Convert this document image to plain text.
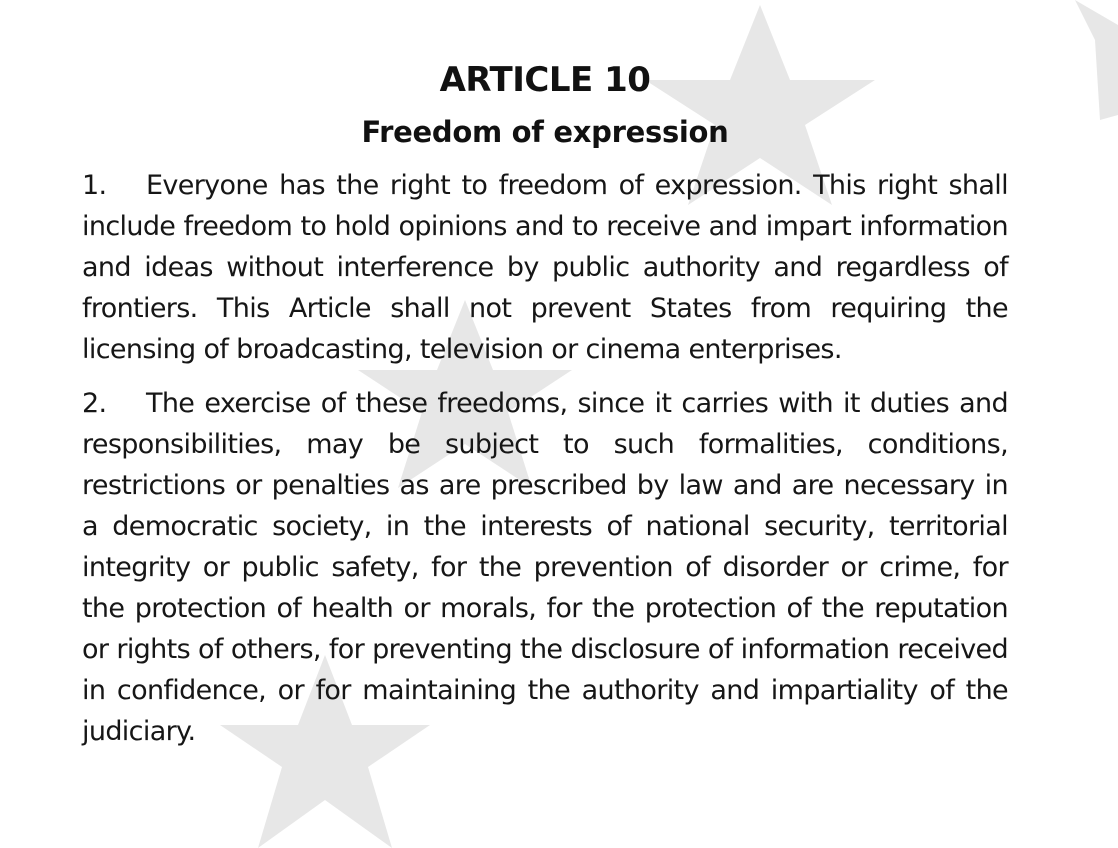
ARTICLE 10
Freedom of expression

1. Everyone has the right to freedom of expression. This right shall include freedom to hold opinions and to receive and impart information and ideas without interference by public authority and regardless of frontiers. This Article shall not prevent States from requiring the licensing of broadcasting, television or cinema enterprises.

2. The exercise of these freedoms, since it carries with it duties and responsibilities, may be subject to such formalities, conditions, restrictions or penalties as are prescribed by law and are necessary in a democratic society, in the interests of national security, territorial integrity or public safety, for the prevention of disorder or crime, for the protection of health or morals, for the protection of the reputation or rights of others, for preventing the disclosure of information received in confidence, or for maintaining the authority and impartiality of the judiciary.
